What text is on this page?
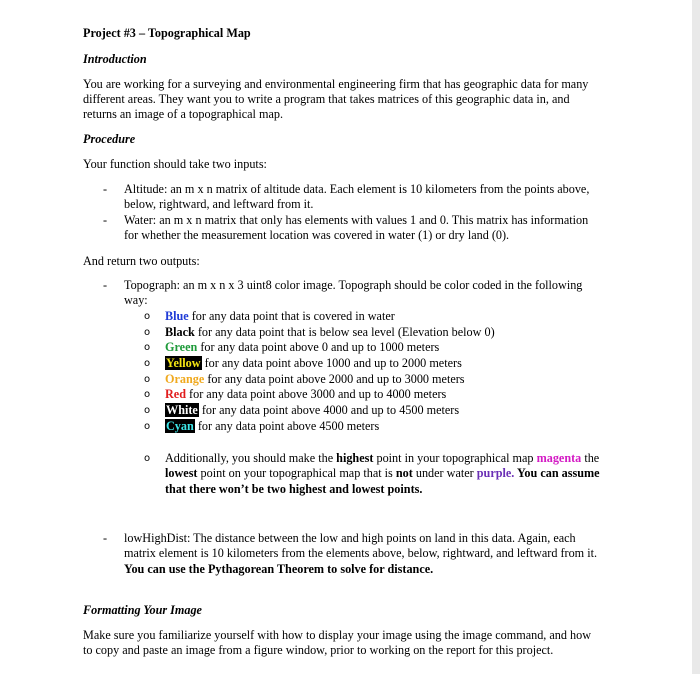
Project #3 – Topographical Map
Introduction
You are working for a surveying and environmental engineering firm that has geographic data for many
different areas. They want you to write a program that takes matrices of this geographic data in, and
returns an image of a topographical map.
Procedure
Your function should take two inputs:
- Altitude: an m x n matrix of altitude data. Each element is 10 kilometers from the points above,
below, rightward, and leftward from it.
- Water: an m x n matrix that only has elements with values 1 and 0. This matrix has information
for whether the measurement location was covered in water (1) or dry land (0).
And return two outputs:
- Topograph: an m x n x 3 uint8 color image. Topograph should be color coded in the following
way:
o Blue for any data point that is covered in water
o Black for any data point that is below sea level (Elevation below 0)
o Green for any data point above 0 and up to 1000 meters
o Yellow for any data point above 1000 and up to 2000 meters
o Orange for any data point above 2000 and up to 3000 meters
o Red for any data point above 3000 and up to 4000 meters
o White for any data point above 4000 and up to 4500 meters
o Cyan for any data point above 4500 meters
o Additionally, you should make the highest point in your topographical map magenta the
lowest point on your topographical map that is not under water purple. You can assume
that there won’t be two highest and lowest points.
- lowHighDist: The distance between the low and high points on land in this data. Again, each
matrix element is 10 kilometers from the elements above, below, rightward, and leftward from it.
You can use the Pythagorean Theorem to solve for distance.
Formatting Your Image
Make sure you familiarize yourself with how to display your image using the image command, and how
to copy and paste an image from a figure window, prior to working on the report for this project.
